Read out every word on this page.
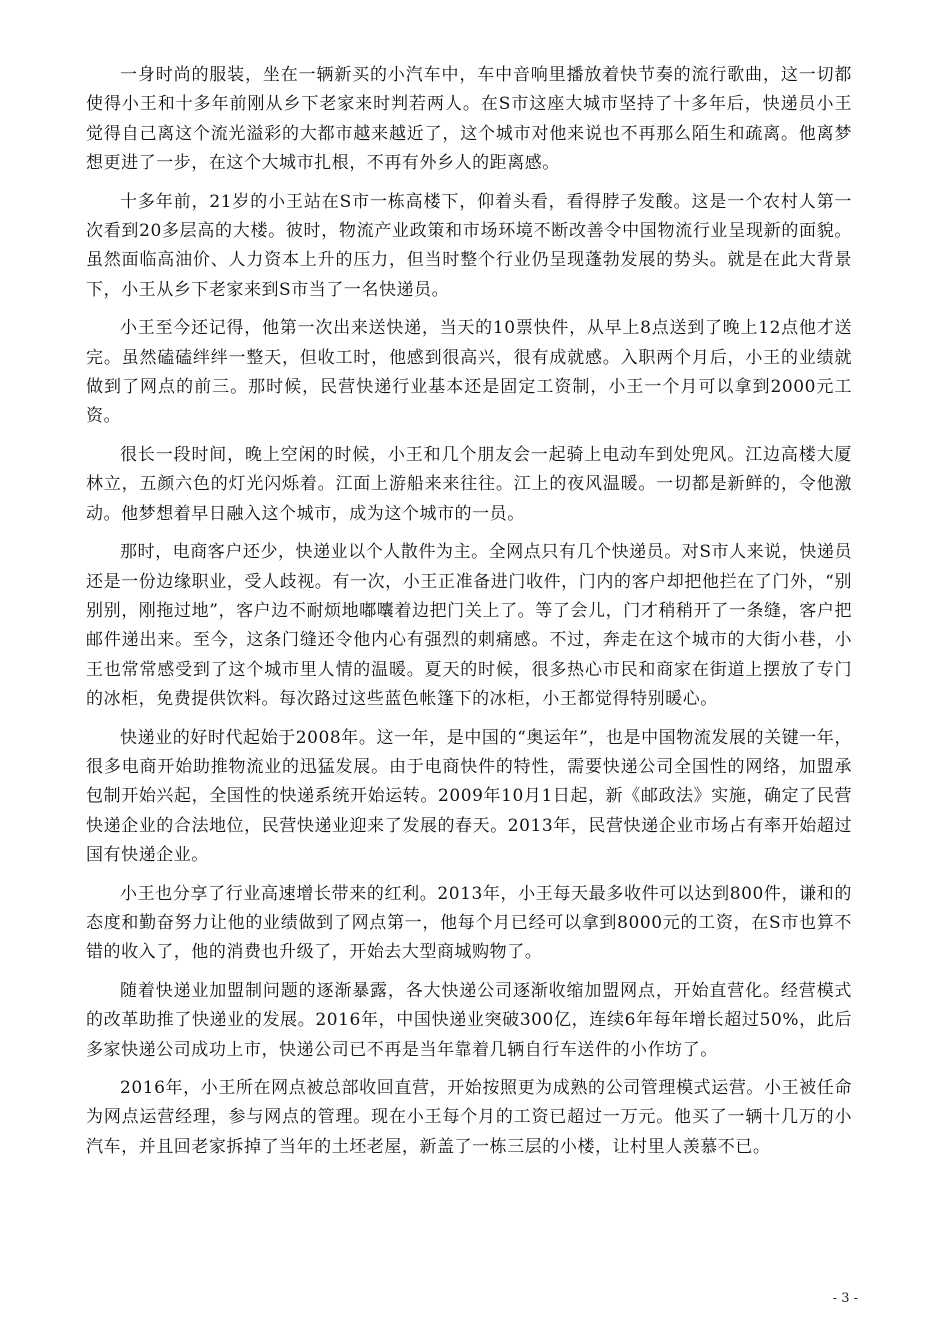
一身时尚的服装，坐在一辆新买的小汽车中，车中音响里播放着快节奏的流行歌曲，这一切都使得小王和十多年前刚从乡下老家来时判若两人。在S市这座大城市坚持了十多年后，快递员小王觉得自己离这个流光溢彩的大都市越来越近了，这个城市对他来说也不再那么陌生和疏离。他离梦想更进了一步，在这个大城市扎根，不再有外乡人的距离感。

十多年前，21岁的小王站在S市一栋高楼下，仰着头看，看得脖子发酸。这是一个农村人第一次看到20多层高的大楼。彼时，物流产业政策和市场环境不断改善令中国物流行业呈现新的面貌。虽然面临高油价、人力资本上升的压力，但当时整个行业仍呈现蓬勃发展的势头。就是在此大背景下，小王从乡下老家来到S市当了一名快递员。

小王至今还记得，他第一次出来送快递，当天的10票快件，从早上8点送到了晚上12点他才送完。虽然磕磕绊绊一整天，但收工时，他感到很高兴，很有成就感。入职两个月后，小王的业绩就做到了网点的前三。那时候，民营快递行业基本还是固定工资制，小王一个月可以拿到2000元工资。

很长一段时间，晚上空闲的时候，小王和几个朋友会一起骑上电动车到处兜风。江边高楼大厦林立，五颜六色的灯光闪烁着。江面上游船来来往往。江上的夜风温暖。一切都是新鲜的，令他激动。他梦想着早日融入这个城市，成为这个城市的一员。

那时，电商客户还少，快递业以个人散件为主。全网点只有几个快递员。对S市人来说，快递员还是一份边缘职业，受人歧视。有一次，小王正准备进门收件，门内的客户却把他拦在了门外，“别别别，刚拖过地”，客户边不耐烦地嘟囔着边把门关上了。等了会儿，门才稍稍开了一条缝，客户把邮件递出来。至今，这条门缝还令他内心有强烈的刺痛感。不过，奔走在这个城市的大街小巷，小王也常常感受到了这个城市里人情的温暖。夏天的时候，很多热心市民和商家在街道上摆放了专门的冰柜，免费提供饮料。每次路过这些蓝色帐篷下的冰柜，小王都觉得特别暖心。

快递业的好时代起始于2008年。这一年，是中国的“奥运年”，也是中国物流发展的关键一年，很多电商开始助推物流业的迅猛发展。由于电商快件的特性，需要快递公司全国性的网络，加盟承包制开始兴起，全国性的快递系统开始运转。2009年10月1日起，新《邮政法》实施，确定了民营快递企业的合法地位，民营快递业迎来了发展的春天。2013年，民营快递企业市场占有率开始超过国有快递企业。

小王也分享了行业高速增长带来的红利。2013年，小王每天最多收件可以达到800件，谦和的态度和勤奋努力让他的业绩做到了网点第一，他每个月已经可以拿到8000元的工资，在S市也算不错的收入了，他的消费也升级了，开始去大型商城购物了。

随着快递业加盟制问题的逐渐暴露，各大快递公司逐渐收缩加盟网点，开始直营化。经营模式的改革助推了快递业的发展。2016年，中国快递业突破300亿，连续6年每年增长超过50%，此后多家快递公司成功上市，快递公司已不再是当年靠着几辆自行车送件的小作坊了。

2016年，小王所在网点被总部收回直营，开始按照更为成熟的公司管理模式运营。小王被任命为网点运营经理，参与网点的管理。现在小王每个月的工资已超过一万元。他买了一辆十几万的小汽车，并且回老家拆掉了当年的土坯老屋，新盖了一栋三层的小楼，让村里人羡慕不已。

- 3 -
